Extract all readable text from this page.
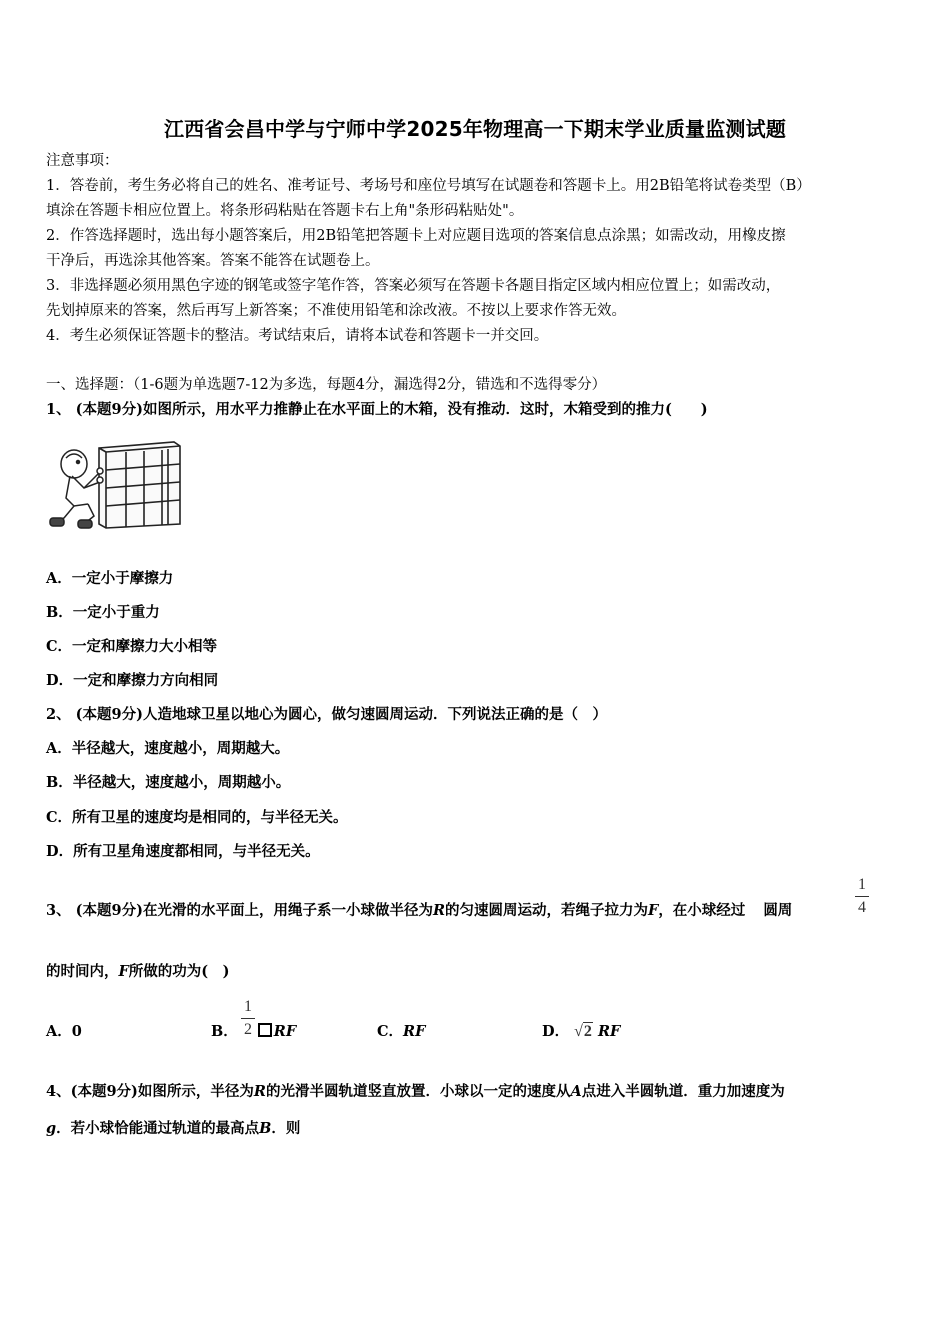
江西省会昌中学与宁师中学2025年物理高一下期末学业质量监测试题
注意事项：
1．答卷前，考生务必将自己的姓名、准考证号、考场号和座位号填写在试题卷和答题卡上。用2B铅笔将试卷类型（B）
填涂在答题卡相应位置上。将条形码粘贴在答题卡右上角"条形码粘贴处"。
2．作答选择题时，选出每小题答案后，用2B铅笔把答题卡上对应题目选项的答案信息点涂黑；如需改动，用橡皮擦
干净后，再选涂其他答案。答案不能答在试题卷上。
3．非选择题必须用黑色字迹的钢笔或签字笔作答，答案必须写在答题卡各题目指定区域内相应位置上；如需改动，
先划掉原来的答案，然后再写上新答案；不准使用铅笔和涂改液。不按以上要求作答无效。
4．考生必须保证答题卡的整洁。考试结束后，请将本试卷和答题卡一并交回。
一、选择题：（1-6题为单选题7-12为多选，每题4分，漏选得2分，错选和不选得零分）
1、 (本题9分)如图所示，用水平力推静止在水平面上的木箱，没有推动．这时，木箱受到的推力(　　)
A．一定小于摩擦力
B．一定小于重力
C．一定和摩擦力大小相等
D．一定和摩擦力方向相同
2、 (本题9分)人造地球卫星以地心为圆心，做匀速圆周运动．下列说法正确的是（　）
A．半径越大，速度越小，周期越大。
B．半径越大，速度越小，周期越小。
C．所有卫星的速度均是相同的，与半径无关。
D．所有卫星角速度都相同，与半径无关。
3、 (本题9分)在光滑的水平面上，用绳子系一小球做半径为R的匀速圆周运动，若绳子拉力为F，在小球经过 圆周
1
4
的时间内，F所做的功为(　)
A．0	B． RF
1
2	C．RF	D． √2 RF
4、(本题9分)如图所示，半径为R的光滑半圆轨道竖直放置．小球以一定的速度从A点进入半圆轨道．重力加速度为
g．若小球恰能通过轨道的最高点B．则
